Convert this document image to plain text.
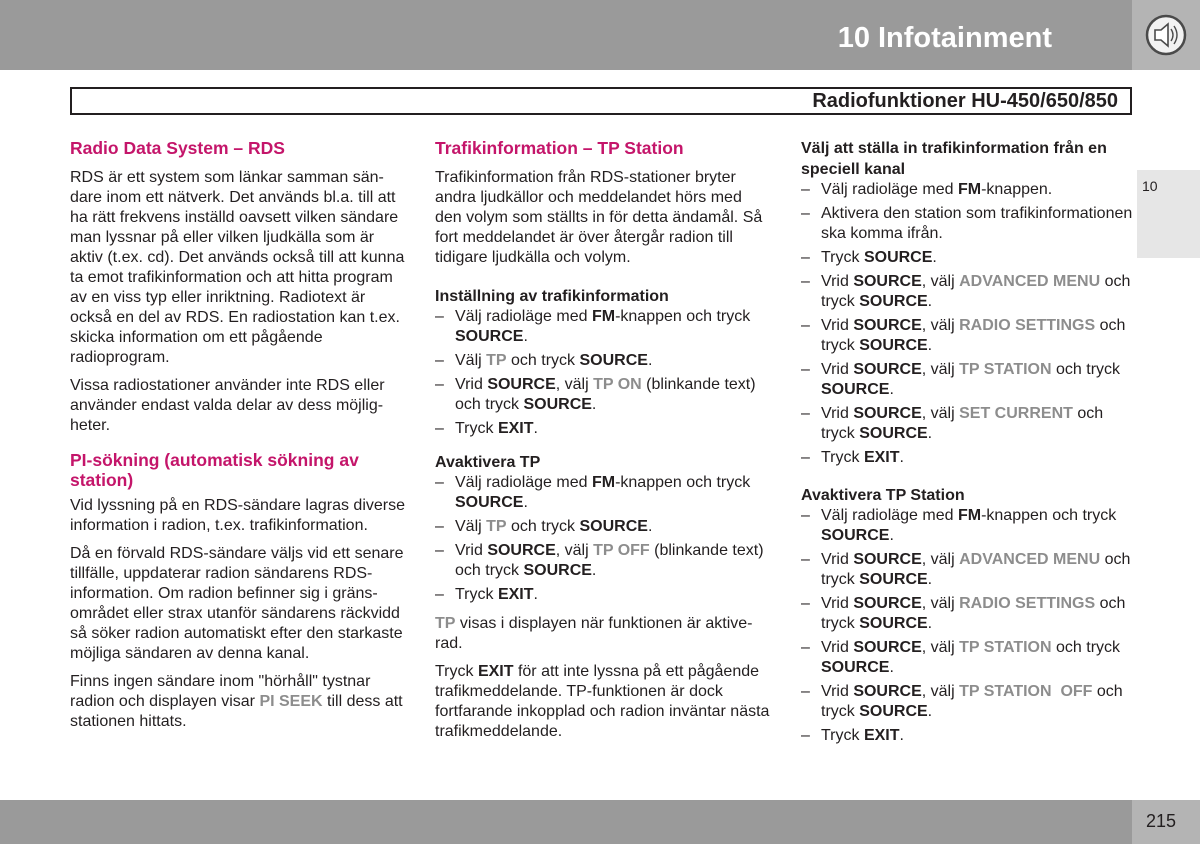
10 Infotainment
Radiofunktioner HU-450/650/850
10
Radio Data System – RDS

RDS är ett system som länkar samman sändare inom ett nätverk. Det används bl.a. till att ha rätt frekvens inställd oavsett vilken sändare man lyssnar på eller vilken ljudkälla som är aktiv (t.ex. cd). Det används också till att kunna ta emot trafikinformation och att hitta program av en viss typ eller inriktning. Radiotext är också en del av RDS. En radiostation kan t.ex. skicka information om ett pågående radioprogram.

Vissa radiostationer använder inte RDS eller använder endast valda delar av dess möjligheter.

PI-sökning (automatisk sökning av station)

Vid lyssning på en RDS-sändare lagras diverse information i radion, t.ex. trafikinformation.

Då en förvald RDS-sändare väljs vid ett senare tillfälle, uppdaterar radion sändarens RDS-information. Om radion befinner sig i gränsområdet eller strax utanför sändarens räckvidd så söker radion automatiskt efter den starkaste möjliga sändaren av denna kanal.

Finns ingen sändare inom "hörhåll" tystnar radion och displayen visar PI SEEK till dess att stationen hittats.

Trafikinformation – TP Station

Trafikinformation från RDS-stationer bryter andra ljudkällor och meddelandet hörs med den volym som ställts in för detta ändamål. Så fort meddelandet är över återgår radion till tidigare ljudkälla och volym.

Inställning av trafikinformation
– Välj radioläge med FM-knappen och tryck SOURCE.
– Välj TP och tryck SOURCE.
– Vrid SOURCE, välj TP ON (blinkande text) och tryck SOURCE.
– Tryck EXIT.
Avaktivera TP
– Välj radioläge med FM-knappen och tryck SOURCE.
– Välj TP och tryck SOURCE.
– Vrid SOURCE, välj TP OFF (blinkande text) och tryck SOURCE.
– Tryck EXIT.

TP visas i displayen när funktionen är aktiverad.

Tryck EXIT för att inte lyssna på ett pågående trafikmeddelande. TP-funktionen är dock fortfarande inkopplad och radion inväntar nästa trafikmeddelande.

Välj att ställa in trafikinformation från en speciell kanal
– Välj radioläge med FM-knappen.
– Aktivera den station som trafikinformationen ska komma ifrån.
– Tryck SOURCE.
– Vrid SOURCE, välj ADVANCED MENU och tryck SOURCE.
– Vrid SOURCE, välj RADIO SETTINGS och tryck SOURCE.
– Vrid SOURCE, välj TP STATION och tryck SOURCE.
– Vrid SOURCE, välj SET CURRENT och tryck SOURCE.
– Tryck EXIT.
Avaktivera TP Station
– Välj radioläge med FM-knappen och tryck SOURCE.
– Vrid SOURCE, välj ADVANCED MENU och tryck SOURCE.
– Vrid SOURCE, välj RADIO SETTINGS och tryck SOURCE.
– Vrid SOURCE, välj TP STATION och tryck SOURCE.
– Vrid SOURCE, välj TP STATION  OFF och tryck SOURCE.
– Tryck EXIT.
215
